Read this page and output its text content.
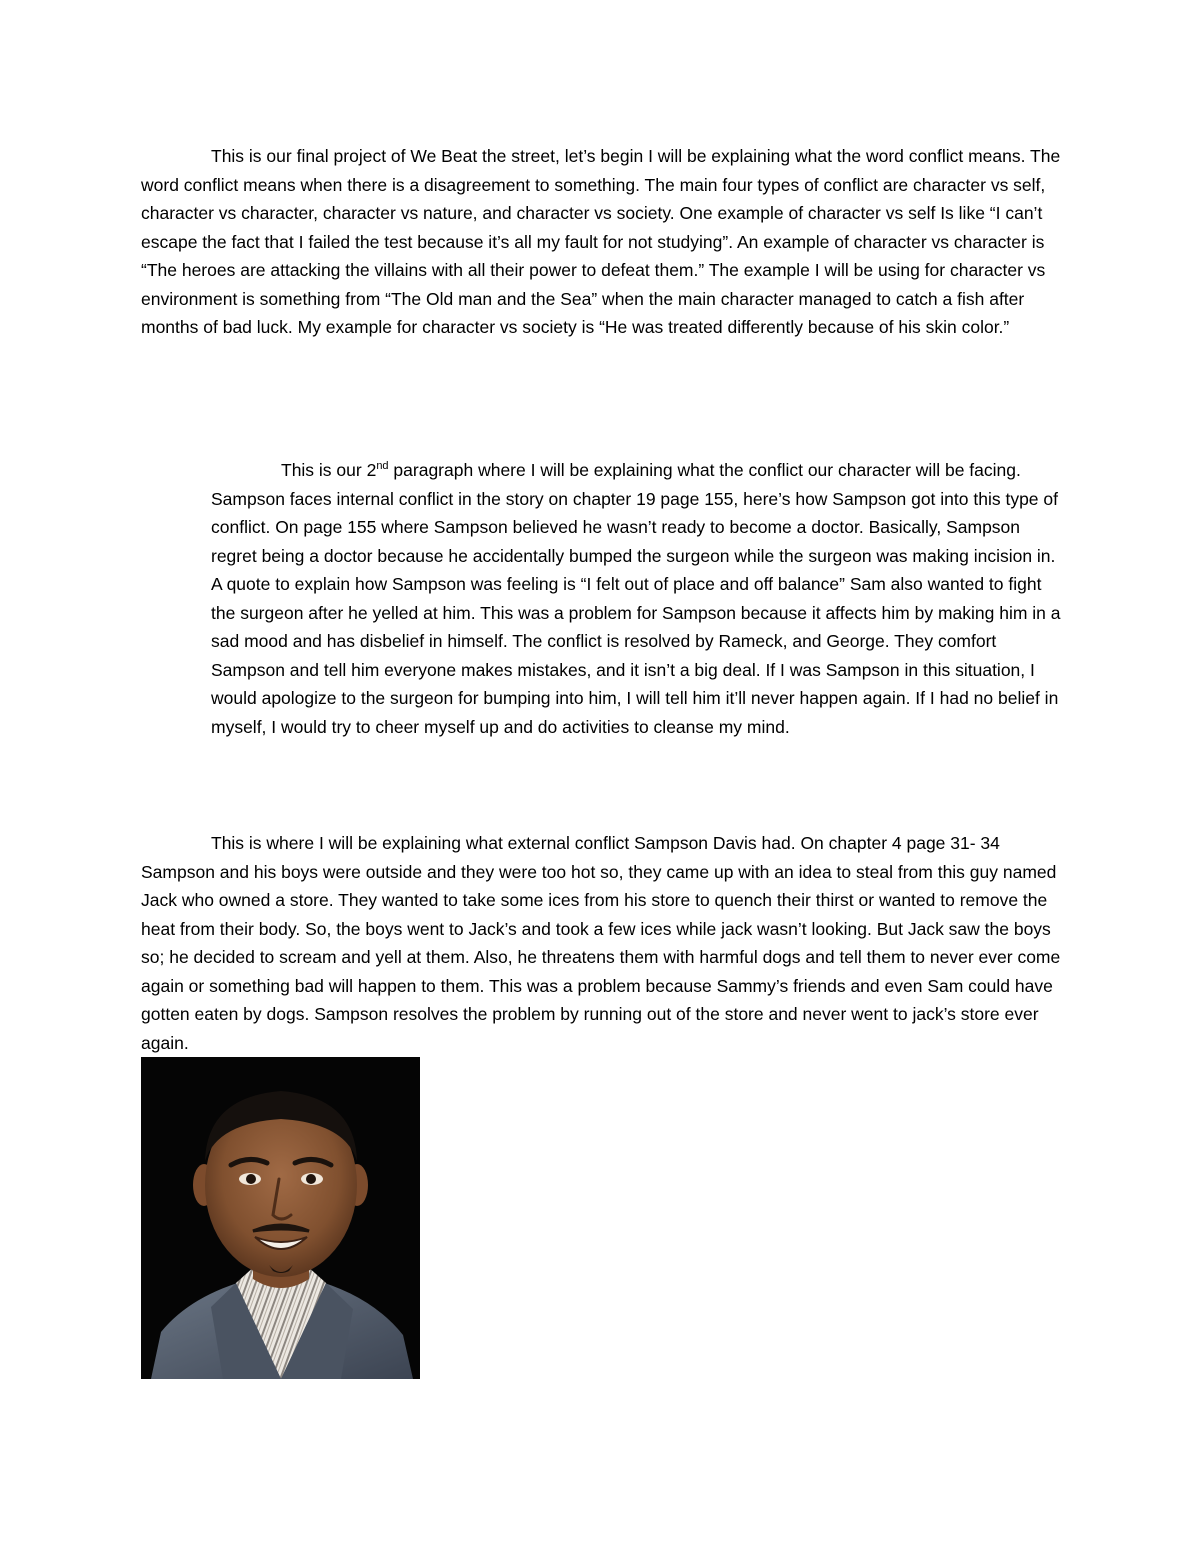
This is our final project of We Beat the street, let’s begin I will be explaining what the word conflict means. The word conflict means when there is a disagreement to something. The main four types of conflict are character vs self, character vs character, character vs nature, and character vs society. One example of character vs self Is like “I can’t escape the fact that I failed the test because it’s all my fault for not studying”. An example of character vs character is “The heroes are attacking the villains with all their power to defeat them.” The example I will be using for character vs environment is something from “The Old man and the Sea” when the main character managed to catch a fish after months of bad luck. My example for character vs society is “He was treated differently because of his skin color.”

This is our 2nd paragraph where I will be explaining what the conflict our character will be facing. Sampson faces internal conflict in the story on chapter 19 page 155, here’s how Sampson got into this type of conflict. On page 155 where Sampson believed he wasn’t ready to become a doctor. Basically, Sampson regret being a doctor because he accidentally bumped the surgeon while the surgeon was making incision in. A quote to explain how Sampson was feeling is “I felt out of place and off balance” Sam also wanted to fight the surgeon after he yelled at him. This was a problem for Sampson because it affects him by making him in a sad mood and has disbelief in himself. The conflict is resolved by Rameck, and George. They comfort Sampson and tell him everyone makes mistakes, and it isn’t a big deal. If I was Sampson in this situation, I would apologize to the surgeon for bumping into him, I will tell him it’ll never happen again. If I had no belief in myself, I would try to cheer myself up and do activities to cleanse my mind.

This is where I will be explaining what external conflict Sampson Davis had. On chapter 4 page 31- 34 Sampson and his boys were outside and they were too hot so, they came up with an idea to steal from this guy named Jack who owned a store. They wanted to take some ices from his store to quench their thirst or wanted to remove the heat from their body. So, the boys went to Jack’s and took a few ices while jack wasn’t looking. But Jack saw the boys so; he decided to scream and yell at them. Also, he threatens them with harmful dogs and tell them to never ever come again or something bad will happen to them. This was a problem because Sammy’s friends and even Sam could have gotten eaten by dogs. Sampson resolves the problem by running out of the store and never went to jack’s store ever again.
